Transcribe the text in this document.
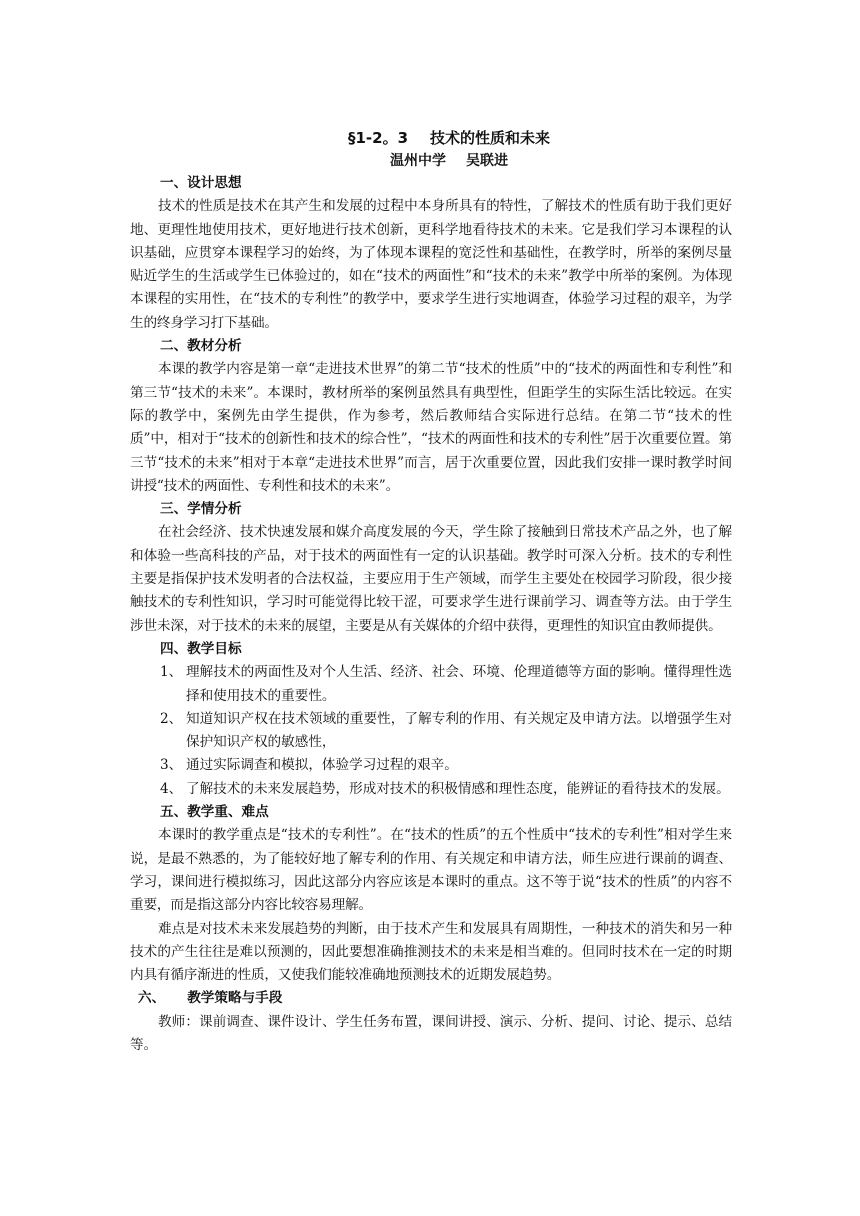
§1-2。3 技术的性质和未来
温州中学 吴联进
一、设计思想

技术的性质是技术在其产生和发展的过程中本身所具有的特性，了解技术的性质有助于我们更好地、更理性地使用技术，更好地进行技术创新，更科学地看待技术的未来。它是我们学习本课程的认识基础，应贯穿本课程学习的始终，为了体现本课程的宽泛性和基础性，在教学时，所举的案例尽量贴近学生的生活或学生已体验过的，如在“技术的两面性”和“技术的未来”教学中所举的案例。为体现本课程的实用性，在“技术的专利性”的教学中，要求学生进行实地调查，体验学习过程的艰辛，为学生的终身学习打下基础。

二、教材分析

本课的教学内容是第一章“走进技术世界”的第二节“技术的性质”中的“技术的两面性和专利性”和第三节“技术的未来”。本课时，教材所举的案例虽然具有典型性，但距学生的实际生活比较远。在实际的教学中，案例先由学生提供，作为参考，然后教师结合实际进行总结。在第二节“技术的性质”中，相对于“技术的创新性和技术的综合性”，“技术的两面性和技术的专利性”居于次重要位置。第三节“技术的未来”相对于本章“走进技术世界”而言，居于次重要位置，因此我们安排一课时教学时间讲授“技术的两面性、专利性和技术的未来”。

三、学情分析

在社会经济、技术快速发展和媒介高度发展的今天，学生除了接触到日常技术产品之外，也了解和体验一些高科技的产品，对于技术的两面性有一定的认识基础。教学时可深入分析。技术的专利性主要是指保护技术发明者的合法权益，主要应用于生产领域，而学生主要处在校园学习阶段，很少接触技术的专利性知识，学习时可能觉得比较干涩，可要求学生进行课前学习、调查等方法。由于学生涉世未深，对于技术的未来的展望，主要是从有关媒体的介绍中获得，更理性的知识宜由教师提供。

四、教学目标
1、 理解技术的两面性及对个人生活、经济、社会、环境、伦理道德等方面的影响。懂得理性选择和使用技术的重要性。
2、 知道知识产权在技术领域的重要性，了解专利的作用、有关规定及申请方法。以增强学生对保护知识产权的敏感性，
3、 通过实际调查和模拟，体验学习过程的艰辛。
4、 了解技术的未来发展趋势，形成对技术的积极情感和理性态度，能辨证的看待技术的发展。
五、教学重、难点

本课时的教学重点是“技术的专利性”。在“技术的性质”的五个性质中“技术的专利性”相对学生来说，是最不熟悉的，为了能较好地了解专利的作用、有关规定和申请方法，师生应进行课前的调查、学习，课间进行模拟练习，因此这部分内容应该是本课时的重点。这不等于说“技术的性质”的内容不重要，而是指这部分内容比较容易理解。

难点是对技术未来发展趋势的判断，由于技术产生和发展具有周期性，一种技术的消失和另一种技术的产生往往是难以预测的，因此要想准确推测技术的未来是相当难的。但同时技术在一定的时期内具有循序渐进的性质，又使我们能较准确地预测技术的近期发展趋势。

六、 教学策略与手段

教师：课前调查、课件设计、学生任务布置，课间讲授、演示、分析、提问、讨论、提示、总结等。
